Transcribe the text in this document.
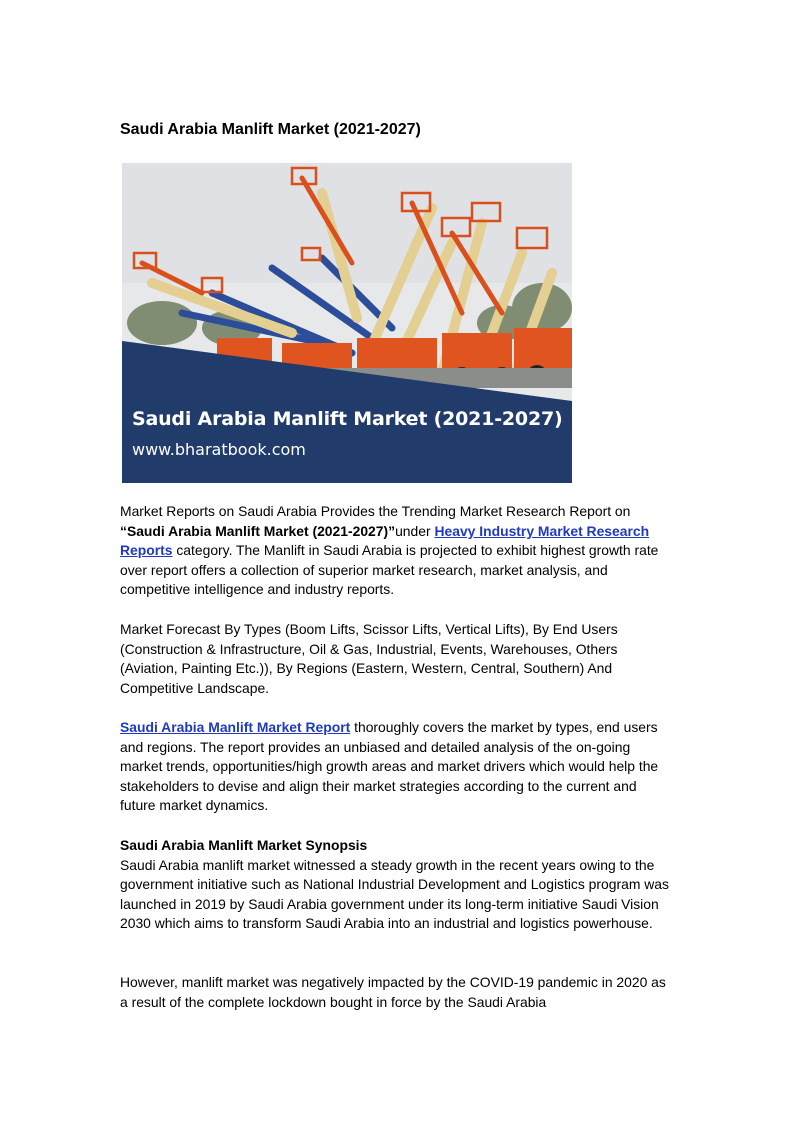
Saudi Arabia Manlift Market (2021-2027)
Saudi Arabia Manlift Market (2021-2027)
www.bharatbook.com

Market Reports on Saudi Arabia Provides the Trending Market Research Report on “Saudi Arabia Manlift Market (2021-2027)”under Heavy Industry Market Research Reports category. The Manlift in Saudi Arabia is projected to exhibit highest growth rate over report offers a collection of superior market research, market analysis, and competitive intelligence and industry reports.

Market Forecast By Types (Boom Lifts, Scissor Lifts, Vertical Lifts), By End Users (Construction & Infrastructure, Oil & Gas, Industrial, Events, Warehouses, Others (Aviation, Painting Etc.)), By Regions (Eastern, Western, Central, Southern) And Competitive Landscape.

Saudi Arabia Manlift Market Report thoroughly covers the market by types, end users and regions. The report provides an unbiased and detailed analysis of the on-going market trends, opportunities/high growth areas and market drivers which would help the stakeholders to devise and align their market strategies according to the current and future market dynamics.

Saudi Arabia Manlift Market Synopsis

Saudi Arabia manlift market witnessed a steady growth in the recent years owing to the government initiative such as National Industrial Development and Logistics program was launched in 2019 by Saudi Arabia government under its long-term initiative Saudi Vision 2030 which aims to transform Saudi Arabia into an industrial and logistics powerhouse.

However, manlift market was negatively impacted by the COVID-19 pandemic in 2020 as a result of the complete lockdown bought in force by the Saudi Arabia
